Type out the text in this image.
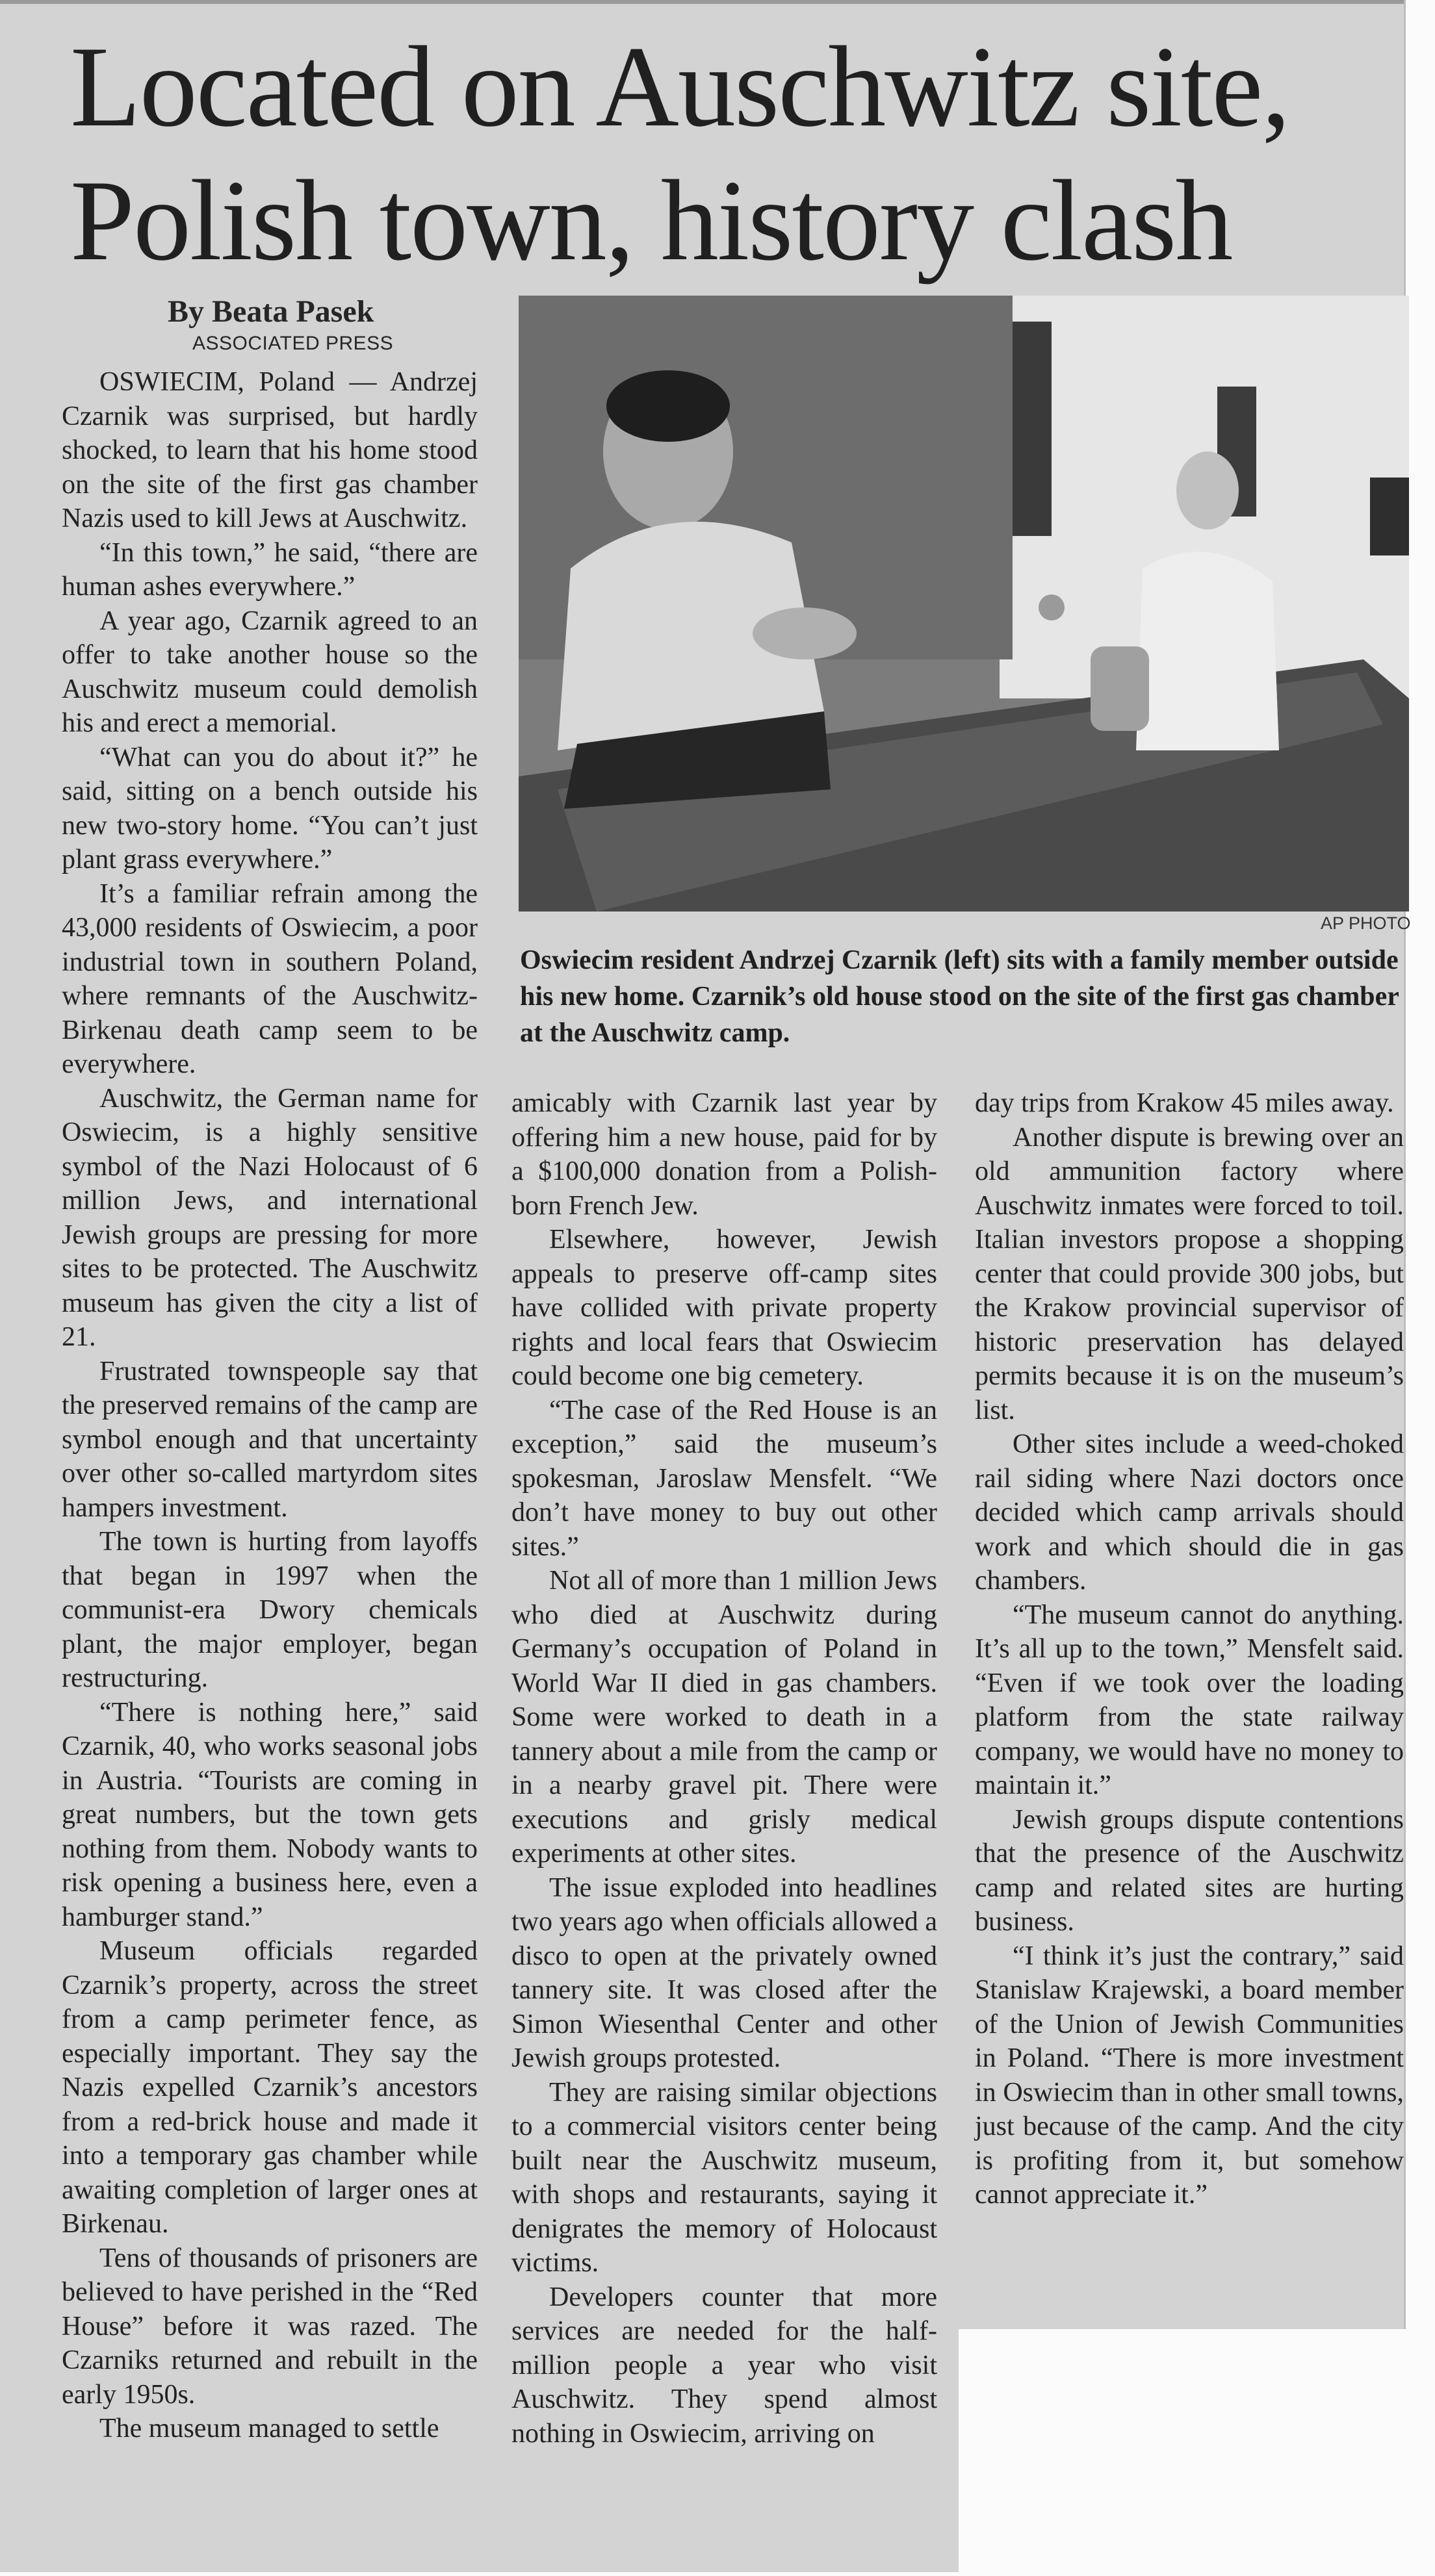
Located on Auschwitz site, Polish town, history clash
By Beata Pasek
ASSOCIATED PRESS
AP PHOTO
Oswiecim resident Andrzej Czarnik (left) sits with a family member outside his new home. Czarnik’s old house stood on the site of the first gas chamber at the Auschwitz camp.

OSWIECIM, Poland — Andrzej Czarnik was surprised, but hardly shocked, to learn that his home stood on the site of the first gas chamber Nazis used to kill Jews at Auschwitz.

“In this town,” he said, “there are human ashes everywhere.”

A year ago, Czarnik agreed to an offer to take another house so the Auschwitz museum could demolish his and erect a memorial.

“What can you do about it?” he said, sitting on a bench outside his new two-story home. “You can’t just plant grass everywhere.”

It’s a familiar refrain among the 43,000 residents of Oswiecim, a poor industrial town in southern Poland, where remnants of the Auschwitz-Birkenau death camp seem to be everywhere.

Auschwitz, the German name for Oswiecim, is a highly sensitive symbol of the Nazi Holocaust of 6 million Jews, and international Jewish groups are pressing for more sites to be protected. The Auschwitz museum has given the city a list of 21.

Frustrated townspeople say that the preserved remains of the camp are symbol enough and that uncertainty over other so-called martyrdom sites hampers investment.

The town is hurting from layoffs that began in 1997 when the communist-era Dwory chemicals plant, the major employer, began restructuring.

“There is nothing here,” said Czarnik, 40, who works seasonal jobs in Austria. “Tourists are coming in great numbers, but the town gets nothing from them. Nobody wants to risk opening a business here, even a hamburger stand.”

Museum officials regarded Czarnik’s property, across the street from a camp perimeter fence, as especially important. They say the Nazis expelled Czarnik’s ancestors from a red-brick house and made it into a temporary gas chamber while awaiting completion of larger ones at Birkenau.

Tens of thousands of prisoners are believed to have perished in the “Red House” before it was razed. The Czarniks returned and rebuilt in the early 1950s.

The museum managed to settle

amicably with Czarnik last year by offering him a new house, paid for by a $100,000 donation from a Polish-born French Jew.

Elsewhere, however, Jewish appeals to preserve off-camp sites have collided with private property rights and local fears that Oswiecim could become one big cemetery.

“The case of the Red House is an exception,” said the museum’s spokesman, Jaroslaw Mensfelt. “We don’t have money to buy out other sites.”

Not all of more than 1 million Jews who died at Auschwitz during Germany’s occupation of Poland in World War II died in gas chambers. Some were worked to death in a tannery about a mile from the camp or in a nearby gravel pit. There were executions and grisly medical experiments at other sites.

The issue exploded into headlines two years ago when officials allowed a disco to open at the privately owned tannery site. It was closed after the Simon Wiesenthal Center and other Jewish groups protested.

They are raising similar objections to a commercial visitors center being built near the Auschwitz museum, with shops and restaurants, saying it denigrates the memory of Holocaust victims.

Developers counter that more services are needed for the half-million people a year who visit Auschwitz. They spend almost nothing in Oswiecim, arriving on

day trips from Krakow 45 miles away.

Another dispute is brewing over an old ammunition factory where Auschwitz inmates were forced to toil. Italian investors propose a shopping center that could provide 300 jobs, but the Krakow provincial supervisor of historic preservation has delayed permits because it is on the museum’s list.

Other sites include a weed-choked rail siding where Nazi doctors once decided which camp arrivals should work and which should die in gas chambers.

“The museum cannot do anything. It’s all up to the town,” Mensfelt said. “Even if we took over the loading platform from the state railway company, we would have no money to maintain it.”

Jewish groups dispute contentions that the presence of the Auschwitz camp and related sites are hurting business.

“I think it’s just the contrary,” said Stanislaw Krajewski, a board member of the Union of Jewish Communities in Poland. “There is more investment in Oswiecim than in other small towns, just because of the camp. And the city is profiting from it, but somehow cannot appreciate it.”
